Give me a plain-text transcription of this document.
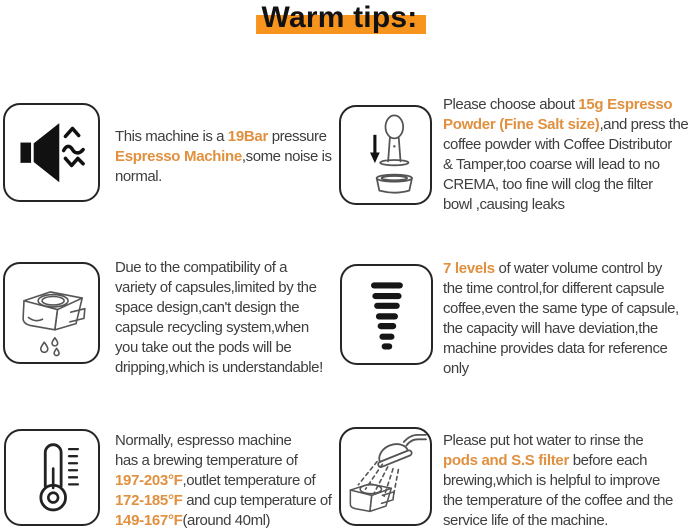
Warm tips:
This machine is a 19Bar pressure
Espresso Machine,some noise is
normal.
Please choose about 15g Espresso
Powder (Fine Salt size),and press the
coffee powder with Coffee Distributor
& Tamper,too coarse will lead to no
CREMA, too fine will clog the filter
bowl ,causing leaks
Due to the compatibility of a
variety of capsules,limited by the
space design,can't design the
capsule recycling system,when
you take out the pods will be
dripping,which is understandable!
7 levels of water volume control by
the time control,for different capsule
coffee,even the same type of capsule,
the capacity will have deviation,the
machine provides data for reference
only
Normally, espresso machine
has a brewing temperature of
197-203°F,outlet temperature of
172-185°F and cup temperature of
149-167°F(around 40ml)
Please put hot water to rinse the
pods and S.S filter before each
brewing,which is helpful to improve
the temperature of the coffee and the
service life of the machine.
